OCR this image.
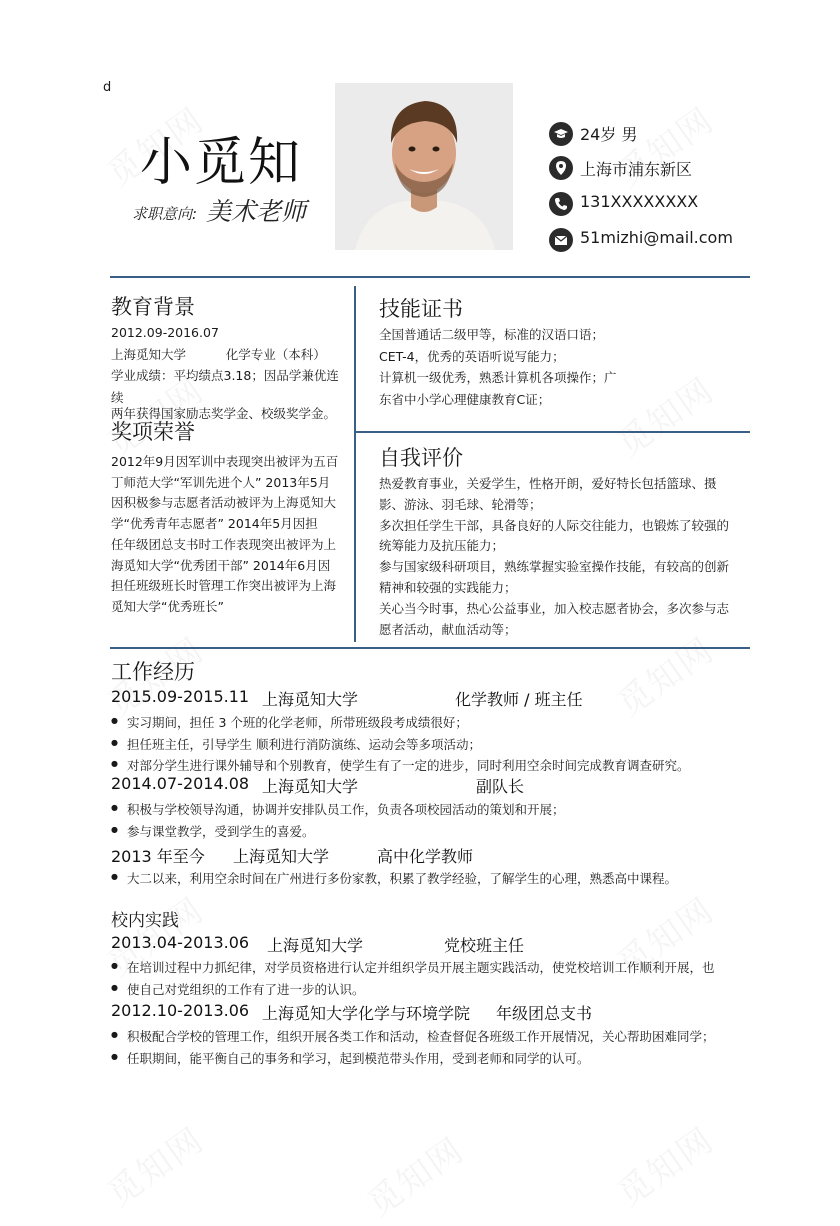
d
小觅知
求职意向: 美术老师
24岁 男
上海市浦东新区
131XXXXXXXX
51mizhi@mail.com
教育背景
2012.09-2016.07
上海觅知大学          化学专业（本科）
学业成绩：平均绩点3.18；因品学兼优连续
两年获得国家励志奖学金、校级奖学金。
奖项荣誉
2012年9月因军训中表现突出被评为五百
丁师范大学“军训先进个人” 2013年5月
因积极参与志愿者活动被评为上海觅知大
学“优秀青年志愿者” 2014年5月因担
任年级团总支书时工作表现突出被评为上
海觅知大学“优秀团干部” 2014年6月因
担任班级班长时管理工作突出被评为上海
觅知大学“优秀班长”
技能证书
全国普通话二级甲等，标准的汉语口语；
CET-4，优秀的英语听说写能力；
计算机一级优秀，熟悉计算机各项操作；广
东省中小学心理健康教育C证；
自我评价
热爱教育事业，关爱学生，性格开朗，爱好特长包括篮球、摄
影、游泳、羽毛球、轮滑等；
多次担任学生干部，具备良好的人际交往能力，也锻炼了较强的
统筹能力及抗压能力；
参与国家级科研项目，熟练掌握实验室操作技能，有较高的创新
精神和较强的实践能力；
关心当今时事，热心公益事业，加入校志愿者协会，多次参与志
愿者活动，献血活动等；
工作经历
2015.09-2015.11 上海觅知大学	化学教师 / 班主任
● 实习期间，担任 3 个班的化学老师，所带班级段考成绩很好；
● 担任班主任，引导学生 顺利进行消防演练、运动会等多项活动；
● 对部分学生进行课外辅导和个别教育，使学生有了一定的进步，同时利用空余时间完成教育调查研究。
2014.07-2014.08 上海觅知大学	副队长
● 积极与学校领导沟通，协调并安排队员工作，负责各项校园活动的策划和开展；
● 参与课堂教学，受到学生的喜爱。
2013 年至今 上海觅知大学	高中化学教师
● 大二以来，利用空余时间在广州进行多份家教，积累了教学经验，了解学生的心理，熟悉高中课程。
校内实践
2013.04-2013.06 上海觅知大学	党校班主任
● 在培训过程中力抓纪律，对学员资格进行认定并组织学员开展主题实践活动，使党校培训工作顺利开展，也
● 使自己对党组织的工作有了进一步的认识。
2012.10-2013.06 上海觅知大学化学与环境学院 年级团总支书
● 积极配合学校的管理工作，组织开展各类工作和活动，检查督促各班级工作开展情况，关心帮助困难同学；
● 任职期间，能平衡自己的事务和学习，起到模范带头作用，受到老师和同学的认可。
